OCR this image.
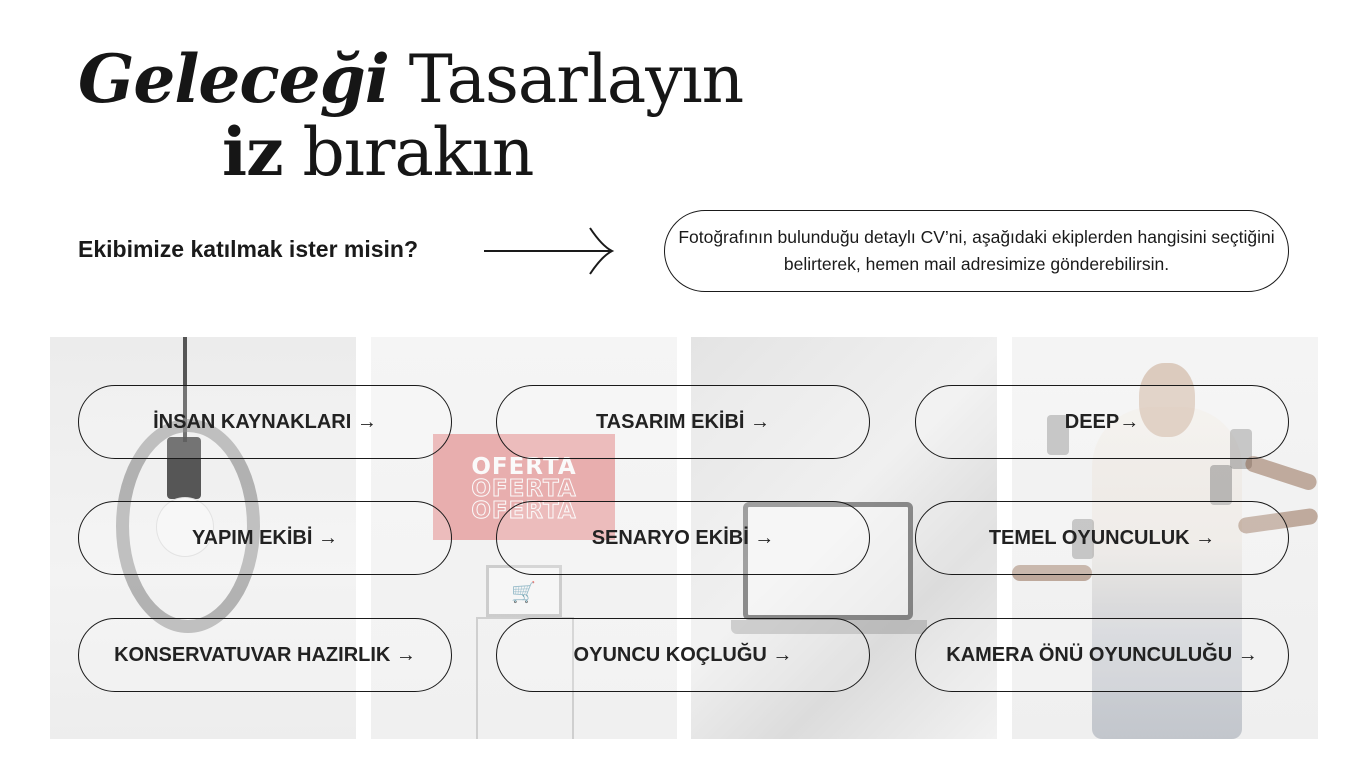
Geleceği Tasarlayın
iz bırakın
Ekibimize katılmak ister misin?	Fotoğrafının bulunduğu detaylı CV’ni, aşağıdaki ekiplerden hangisini seçtiğini belirterek, hemen mail adresimize gönderebilirsin.
OFERTA
OFERTA
OFERTA
🛒
İNSAN KAYNAKLARI →	TASARIM EKİBİ →	DEEP→
YAPIM EKİBİ →	SENARYO EKİBİ →	TEMEL OYUNCULUK →
KONSERVATUVAR HAZIRLIK →	OYUNCU KOÇLUĞU →	KAMERA ÖNÜ OYUNCULUĞU →
